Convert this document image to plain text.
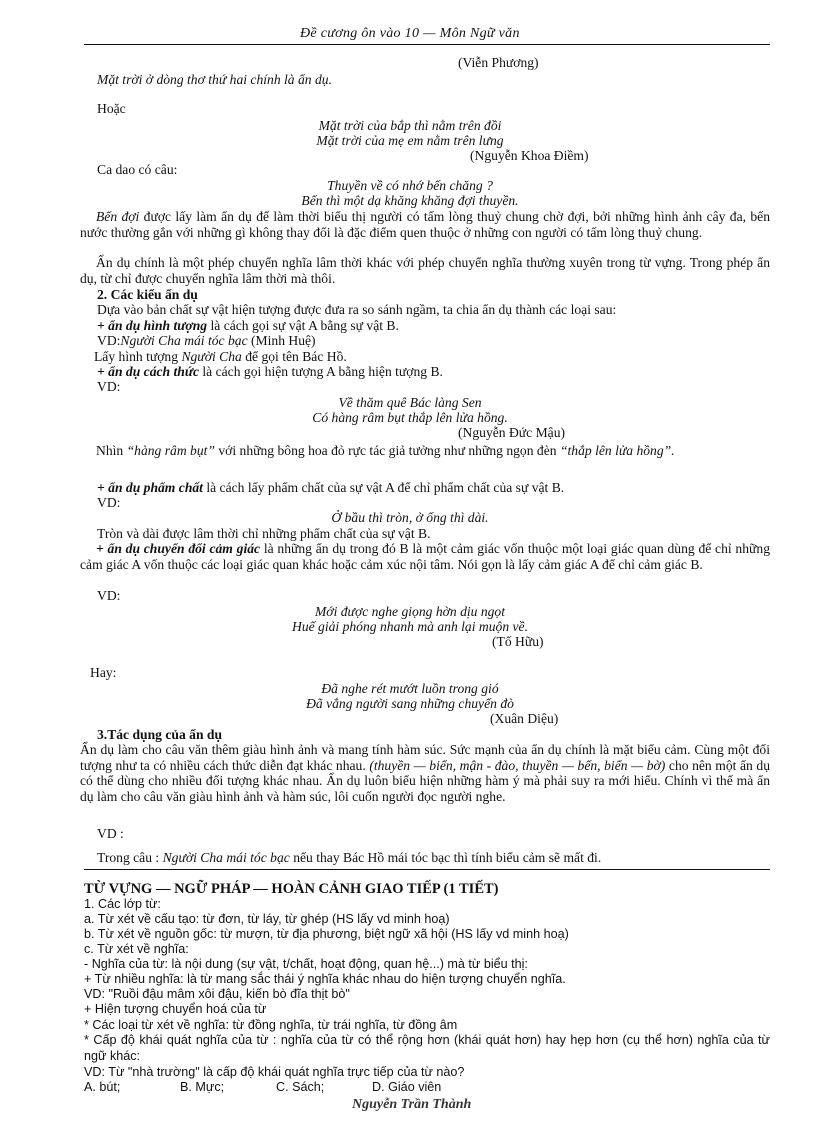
Đề cương ôn vào 10 — Môn Ngữ văn
(Viễn Phương)
Mặt trời ở dòng thơ thứ hai chính là ẩn dụ.
Hoặc
Mặt trời của bắp thì nằm trên đồi
Mặt trời của mẹ em nằm trên lưng
(Nguyễn Khoa Điềm)
Ca dao có câu:
Thuyền về có nhớ bến chăng ?
Bến thì một dạ khăng khăng đợi thuyền.
Bến đợi được lấy làm ẩn dụ để làm thời biểu thị người có tấm lòng thuỷ chung chờ đợi, bởi những hình ảnh cây đa, bến nước thường gắn với những gì không thay đổi là đặc điểm quen thuộc ở những con người có tấm lòng thuỷ chung.
Ẩn dụ chính là một phép chuyển nghĩa lâm thời khác với phép chuyển nghĩa thường xuyên trong từ vựng. Trong phép ẩn dụ, từ chỉ được chuyển nghĩa lâm thời mà thôi.
2. Các kiểu ẩn dụ
Dựa vào bản chất sự vật hiện tượng được đưa ra so sánh ngầm, ta chia ẩn dụ thành các loại sau:
+ ẩn dụ hình tượng là cách gọi sự vật A bằng sự vật B.
VD:Người Cha mái tóc bạc (Minh Huệ)
Lấy hình tượng Người Cha để gọi tên Bác Hồ.
+ ẩn dụ cách thức là cách gọi hiện tượng A bằng hiện tượng B.
VD:
Về thăm quê Bác làng Sen
Có hàng râm bụt thắp lên lửa hồng.
(Nguyễn Đức Mậu)
Nhìn “hàng râm bụt” với những bông hoa đỏ rực tác giả tưởng như những ngọn đèn “thắp lên lửa hồng”.
+ ẩn dụ phẩm chất là cách lấy phẩm chất của sự vật A để chỉ phẩm chất của sự vật B.
VD:
Ở bầu thì tròn, ở ống thì dài.
Tròn và dài được lâm thời chỉ những phẩm chất của sự vật B.
+ ẩn dụ chuyển đổi cảm giác là những ẩn dụ trong đó B là một cảm giác vốn thuộc một loại giác quan dùng để chỉ những cảm giác A vốn thuộc các loại giác quan khác hoặc cảm xúc nội tâm. Nói gọn là lấy cảm giác A để chỉ cảm giác B.
VD:
Mới được nghe giọng hờn dịu ngọt
Huế giải phóng nhanh mà anh lại muộn về.
(Tố Hữu)
Hay:
Đã nghe rét mướt luồn trong gió
Đã vắng người sang những chuyến đò
(Xuân Diệu)
3.Tác dụng của ẩn dụ
Ẩn dụ làm cho câu văn thêm giàu hình ảnh và mang tính hàm súc. Sức mạnh của ẩn dụ chính là mặt biểu cảm. Cùng một đối tượng như ta có nhiều cách thức diễn đạt khác nhau. (thuyền — biển, mận - đào, thuyền — bến, biển — bờ) cho nên một ẩn dụ có thể dùng cho nhiều đối tượng khác nhau. Ẩn dụ luôn biểu hiện những hàm ý mà phải suy ra mới hiểu. Chính vì thế mà ẩn dụ làm cho câu văn giàu hình ảnh và hàm súc, lôi cuốn người đọc người nghe.
VD :
Trong câu : Người Cha mái tóc bạc nếu thay Bác Hồ mái tóc bạc thì tính biểu cảm sẽ mất đi.
TỪ VỰNG — NGỮ PHÁP — HOÀN CẢNH GIAO TIẾP (1 TIẾT)
1. Các lớp từ:
a. Từ xét về cấu tạo: từ đơn, từ láy, từ ghép (HS lấy vd minh hoạ)
b. Từ xét về nguồn gốc: từ mượn, từ địa phương, biệt ngữ xã hội (HS lấy vd minh hoạ)
c. Từ xét về nghĩa:
- Nghĩa của từ: là nội dung (sự vật, t/chất, hoạt động, quan hệ...) mà từ biểu thị:
+ Từ nhiều nghĩa: là từ mang sắc thái ý nghĩa khác nhau do hiện tượng chuyển nghĩa.
VD: "Ruồi đậu mâm xôi đậu, kiến bò đĩa thịt bò"
+ Hiện tượng chuyển hoá của từ
* Các loại từ xét về nghĩa: từ đồng nghĩa, từ trái nghĩa, từ đồng âm
* Cấp độ khái quát nghĩa của từ : nghĩa của từ có thể rộng hơn (khái quát hơn) hay hẹp hơn (cụ thể hơn) nghĩa của từ ngữ khác:
VD: Từ "nhà trường" là cấp độ khái quát nghĩa trực tiếp của từ nào?
A. bút;	B. Mực;	C. Sách;	D. Giáo viên
Nguyễn Trần Thành
